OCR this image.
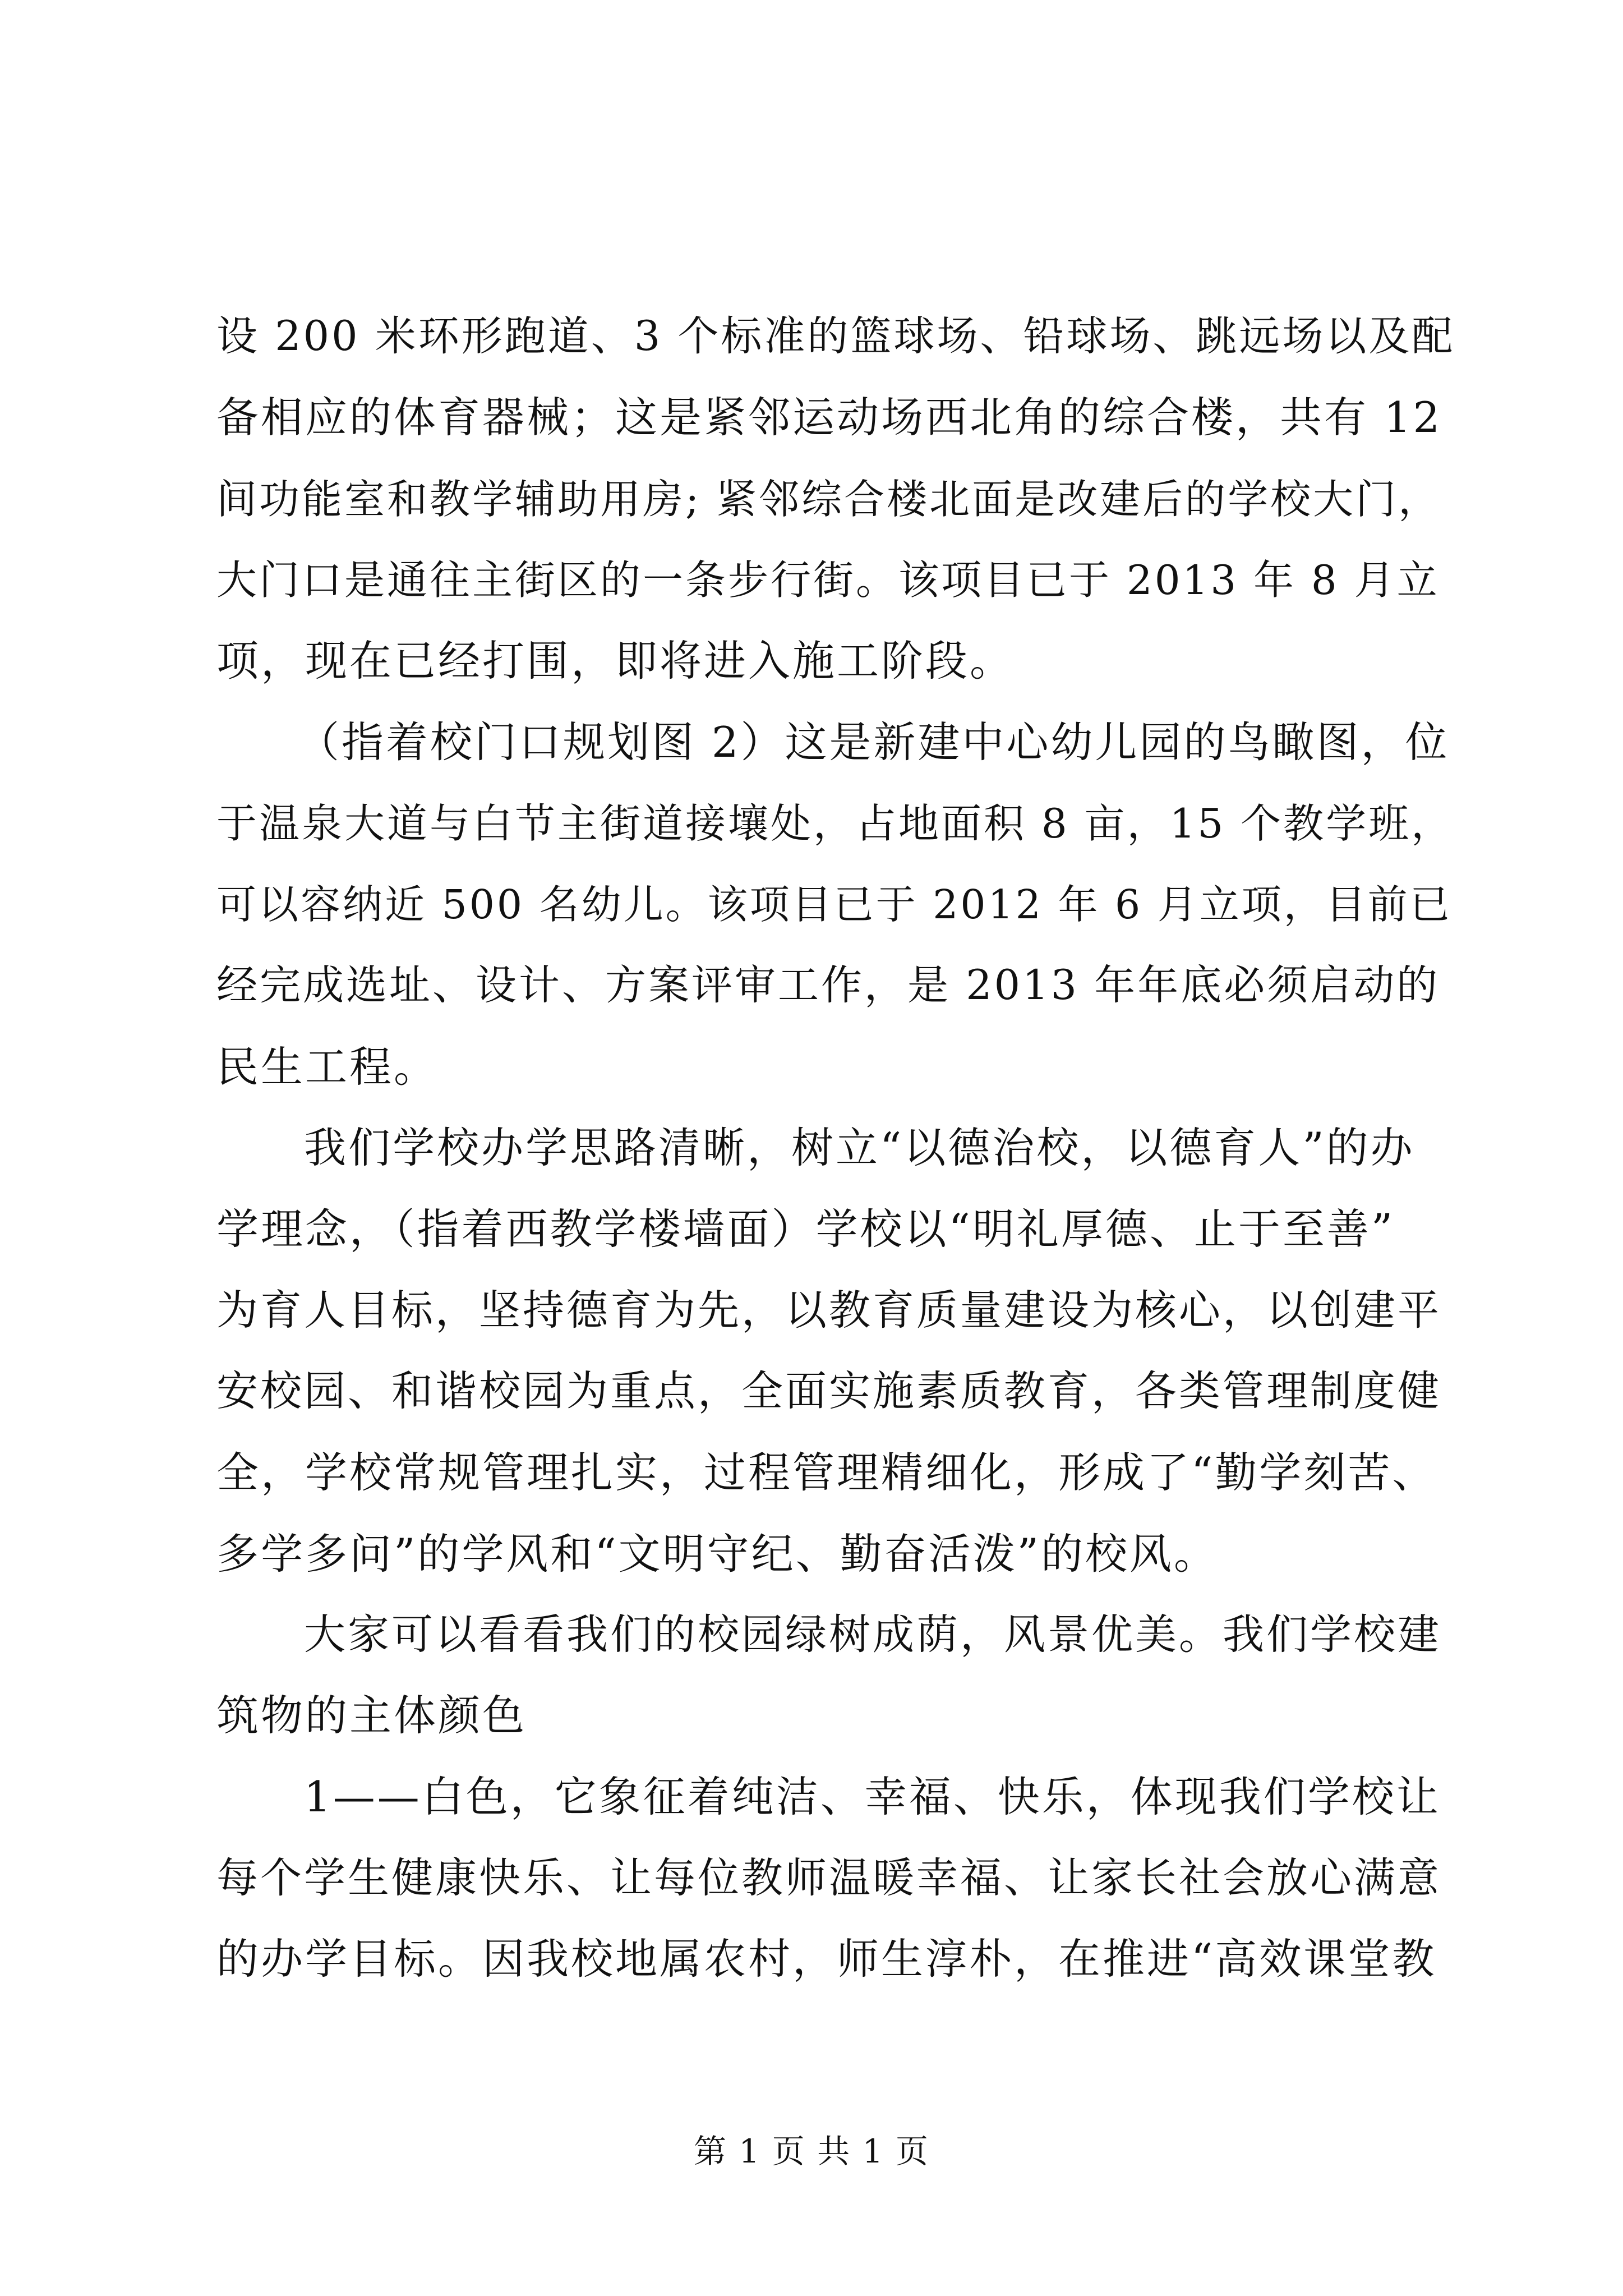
设 200 米环形跑道、3 个标准的篮球场、铅球场、跳远场以及配
备相应的体育器械；这是紧邻运动场西北角的综合楼，共有 12
间功能室和教学辅助用房; 紧邻综合楼北面是改建后的学校大门，
大门口是通往主街区的一条步行街。该项目已于 2013 年 8 月立
项，现在已经打围，即将进入施工阶段。
（指着校门口规划图 2）这是新建中心幼儿园的鸟瞰图，位
于温泉大道与白节主街道接壤处，占地面积 8 亩，15 个教学班，
可以容纳近 500 名幼儿。该项目已于 2012 年 6 月立项，目前已
经完成选址、设计、方案评审工作，是 2013 年年底必须启动的
民生工程。
我们学校办学思路清晰，树立“以德治校，以德育人”的办
学理念，（指着西教学楼墙面）学校以“明礼厚德、止于至善”
为育人目标，坚持德育为先，以教育质量建设为核心，以创建平
安校园、和谐校园为重点，全面实施素质教育，各类管理制度健
全，学校常规管理扎实，过程管理精细化，形成了“勤学刻苦、
多学多问”的学风和“文明守纪、勤奋活泼”的校风。
大家可以看看我们的校园绿树成荫，风景优美。我们学校建
筑物的主体颜色
1——白色，它象征着纯洁、幸福、快乐，体现我们学校让
每个学生健康快乐、让每位教师温暖幸福、让家长社会放心满意
的办学目标。因我校地属农村，师生淳朴，在推进“高效课堂教
第 1 页 共 1 页
